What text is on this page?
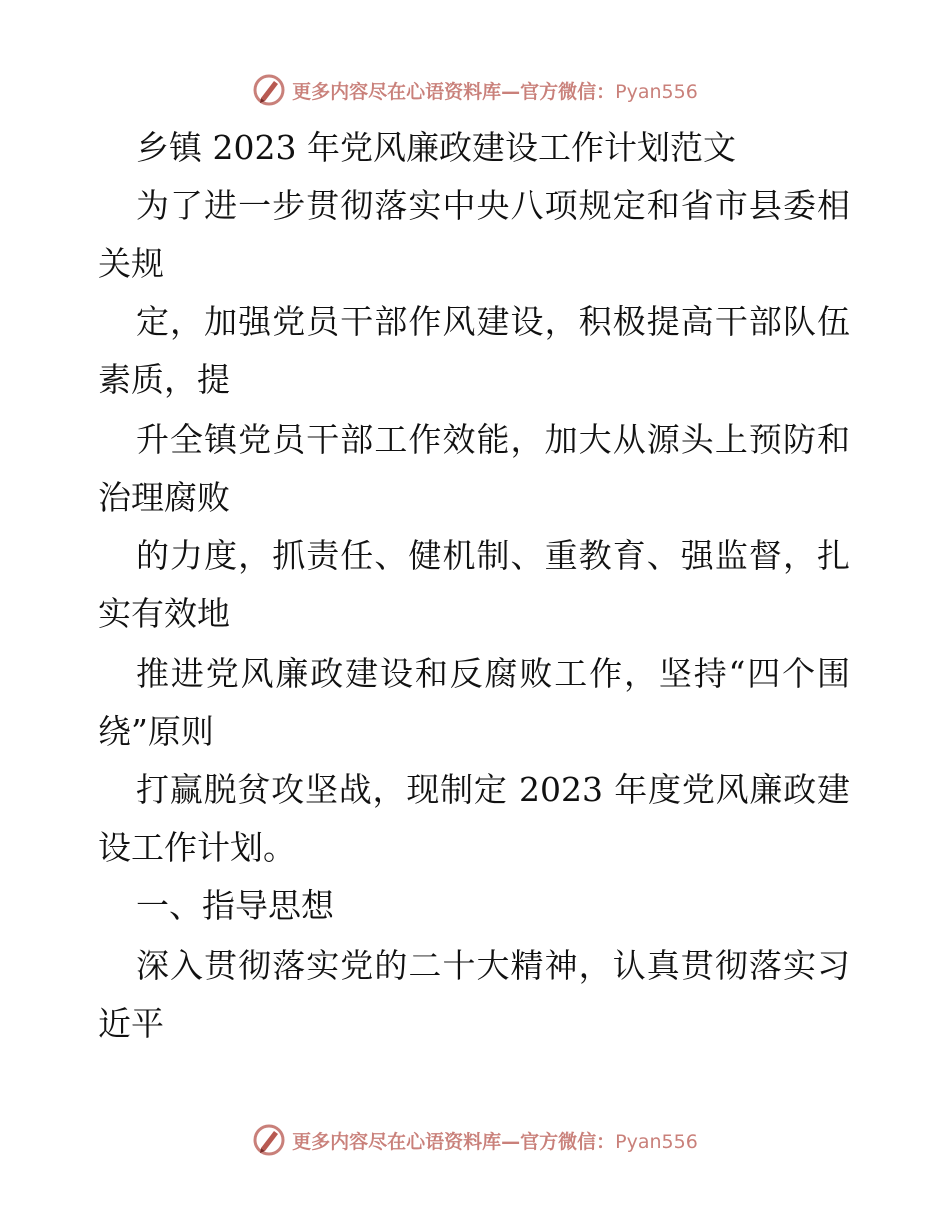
更多内容尽在心语资料库—官方微信：Pyan556
乡镇 2023 年党风廉政建设工作计划范文
为了进一步贯彻落实中央八项规定和省市县委相
关规
定，加强党员干部作风建设，积极提高干部队伍
素质，提
升全镇党员干部工作效能，加大从源头上预防和
治理腐败
的力度，抓责任、健机制、重教育、强监督，扎
实有效地
推进党风廉政建设和反腐败工作，坚持“四个围
绕”原则
打赢脱贫攻坚战，现制定 2023 年度党风廉政建
设工作计划。
一、指导思想
深入贯彻落实党的二十大精神，认真贯彻落实习
近平
更多内容尽在心语资料库—官方微信：Pyan556
